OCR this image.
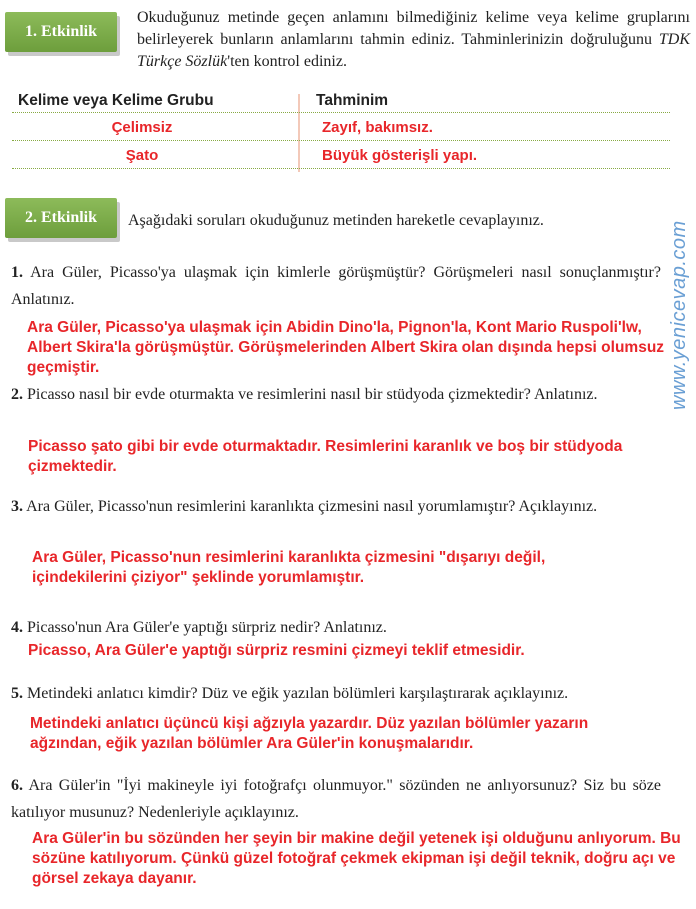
1. Etkinlik

Okuduğunuz metinde geçen anlamını bilmediğiniz kelime veya kelime gruplarını belirleyerek bunların anlamlarını tahmin ediniz. Tahminlerinizin doğruluğunu TDK Türkçe Sözlük'ten kontrol ediniz.

Kelime veya Kelime Grubu	Tahminim
Çelimsiz	Zayıf, bakımsız.
Şato	Büyük gösterişli yapı.
2. Etkinlik	Aşağıdaki soruları okuduğunuz metinden hareketle cevaplayınız.

1. Ara Güler, Picasso'ya ulaşmak için kimlerle görüşmüştür? Görüşmeleri nasıl sonuçlanmıştır? Anlatınız.

Ara Güler, Picasso'ya ulaşmak için Abidin Dino'la, Pignon'la, Kont Mario Ruspoli'lw, Albert Skira'la görüşmüştür. Görüşmelerinden Albert Skira olan dışında hepsi olumsuz geçmiştir.

2. Picasso nasıl bir evde oturmakta ve resimlerini nasıl bir stüdyoda çizmektedir? Anlatınız.

Picasso şato gibi bir evde oturmaktadır. Resimlerini karanlık ve boş bir stüdyoda çizmektedir.

3. Ara Güler, Picasso'nun resimlerini karanlıkta çizmesini nasıl yorumlamıştır? Açıklayınız.

Ara Güler, Picasso'nun resimlerini karanlıkta çizmesini "dışarıyı değil, içindekilerini çiziyor" şeklinde yorumlamıştır.

4. Picasso'nun Ara Güler'e yaptığı sürpriz nedir? Anlatınız.

Picasso, Ara Güler'e yaptığı sürpriz resmini çizmeyi teklif etmesidir.

5. Metindeki anlatıcı kimdir? Düz ve eğik yazılan bölümleri karşılaştırarak açıklayınız.

Metindeki anlatıcı üçüncü kişi ağzıyla yazardır. Düz yazılan bölümler yazarın ağzından, eğik yazılan bölümler Ara Güler'in konuşmalarıdır.

6. Ara Güler'in "İyi makineyle iyi fotoğrafçı olunmuyor." sözünden ne anlıyorsunuz? Siz bu söze katılıyor musunuz? Nedenleriyle açıklayınız.

Ara Güler'in bu sözünden her şeyin bir makine değil yetenek işi olduğunu anlıyorum. Bu sözüne katılıyorum. Çünkü güzel fotoğraf çekmek ekipman işi değil teknik, doğru açı ve görsel zekaya dayanır.

www.yenicevap.com
